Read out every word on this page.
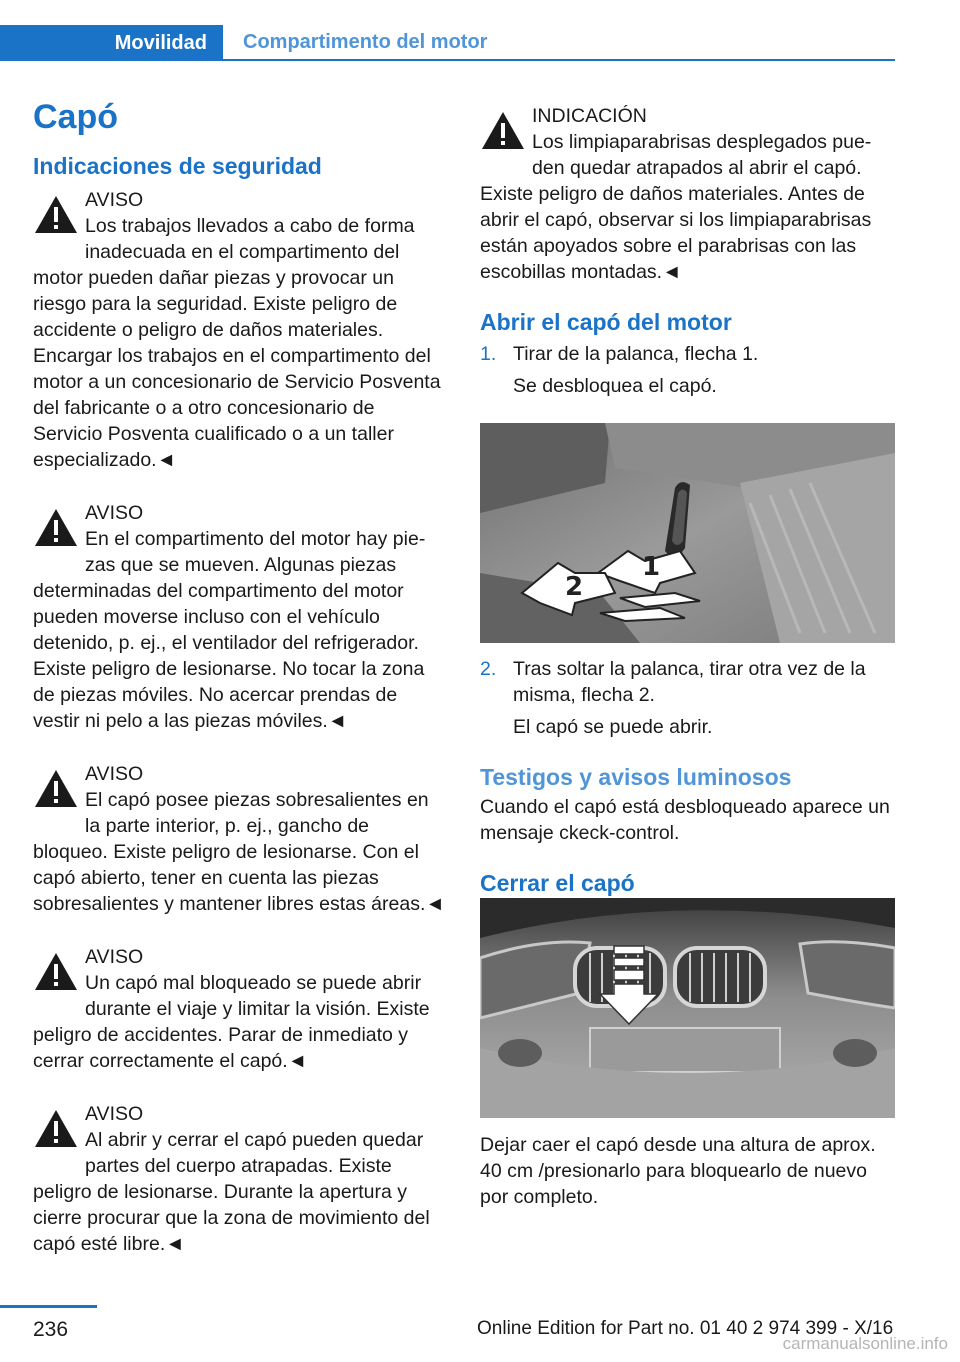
Movilidad	Compartimento del motor
Capó
Indicaciones de seguridad
AVISO
Los trabajos llevados a cabo de forma inadecuada en el compartimento del motor pueden dañar piezas y provocar un riesgo para la seguridad. Existe peligro de accidente o peligro de daños materiales. Encargar los trabajos en el compartimento del motor a un concesionario de Servicio Posventa del fabricante o a otro concesionario de Servicio Posventa cualificado o a un taller especializado.◄
AVISO
En el compartimento del motor hay piezas que se mueven. Algunas piezas determinadas del compartimento del motor pueden moverse incluso con el vehículo detenido, p. ej., el ventilador del refrigerador. Existe peligro de lesionarse. No tocar la zona de piezas móviles. No acercar prendas de vestir ni pelo a las piezas móviles.◄
AVISO
El capó posee piezas sobresalientes en la parte interior, p. ej., gancho de bloqueo. Existe peligro de lesionarse. Con el capó abierto, tener en cuenta las piezas sobresalientes y mantener libres estas áreas.◄
AVISO
Un capó mal bloqueado se puede abrir durante el viaje y limitar la visión. Existe peligro de accidentes. Parar de inmediato y cerrar correctamente el capó.◄
AVISO
Al abrir y cerrar el capó pueden quedar partes del cuerpo atrapadas. Existe peligro de lesionarse. Durante la apertura y cierre procurar que la zona de movimiento del capó esté libre.◄
INDICACIÓN
Los limpiaparabrisas desplegados pueden quedar atrapados al abrir el capó. Existe peligro de daños materiales. Antes de abrir el capó, observar si los limpiaparabrisas están apoyados sobre el parabrisas con las escobillas montadas.◄
Abrir el capó del motor
1. Tirar de la palanca, flecha 1.
Se desbloquea el capó.
1
2
2. Tras soltar la palanca, tirar otra vez de la misma, flecha 2.
El capó se puede abrir.
Testigos y avisos luminosos
Cuando el capó está desbloqueado aparece un mensaje ckeck-control.
Cerrar el capó
Dejar caer el capó desde una altura de aprox. 40 cm /presionarlo para bloquearlo de nuevo por completo.
236	Online Edition for Part no. 01 40 2 974 399 - X/16
carmanualsonline.info
